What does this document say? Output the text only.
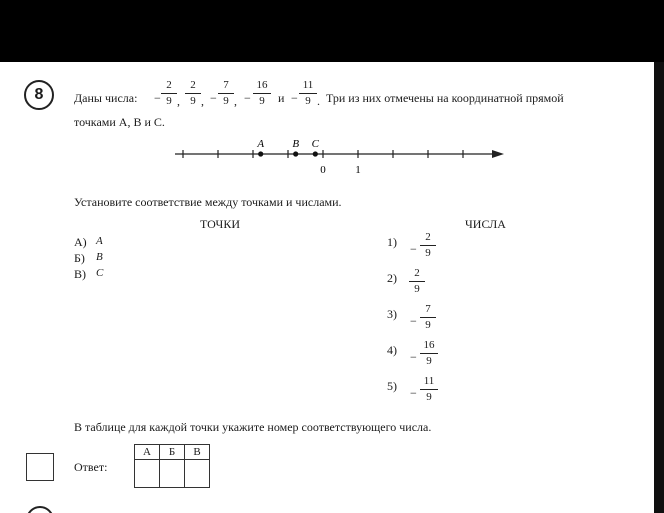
8	Даны числа: −
2
9 ,
2
9 , −
7
9 , −
16
9	и −
11
9 . Три из них отмечены на координатной прямой
точками A, B и C.
A	B C
0	1
Установите соответствие между точками и числами.
ТОЧКИ	ЧИСЛА
А) A
Б) B
В) C
1) −
2
9
2)	2
9
3) −
7
9
4) −
16
9
5) −
11
9
В таблице для каждой точки укажите номер соответствующего числа.
Ответ:
А	Б	В
